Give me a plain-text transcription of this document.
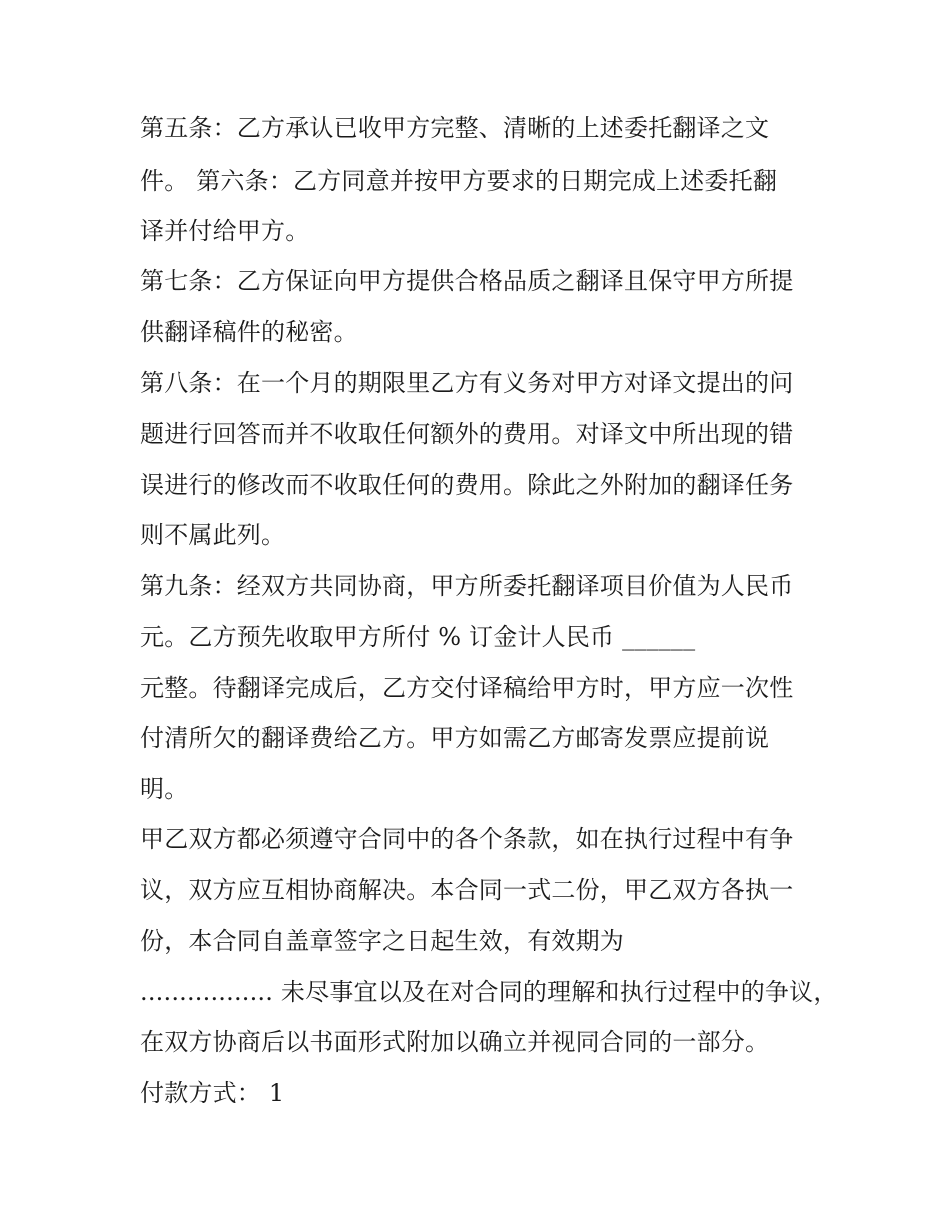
第五条：乙方承认已收甲方完整、清晰的上述委托翻译之文
件。 第六条：乙方同意并按甲方要求的日期完成上述委托翻
译并付给甲方。
第七条：乙方保证向甲方提供合格品质之翻译且保守甲方所提
供翻译稿件的秘密。
第八条：在一个月的期限里乙方有义务对甲方对译文提出的问
题进行回答而并不收取任何额外的费用。对译文中所出现的错
误进行的修改而不收取任何的费用。除此之外附加的翻译任务
则不属此列。
第九条：经双方共同协商，甲方所委托翻译项目价值为人民币
元。乙方预先收取甲方所付 % 订金计人民币 ______
元整。待翻译完成后，乙方交付译稿给甲方时，甲方应一次性
付清所欠的翻译费给乙方。甲方如需乙方邮寄发票应提前说
明。
甲乙双方都必须遵守合同中的各个条款，如在执行过程中有争
议，双方应互相协商解决。本合同一式二份，甲乙双方各执一
份，本合同自盖章签字之日起生效，有效期为
................. 未尽事宜以及在对合同的理解和执行过程中的争议，
在双方协商后以书面形式附加以确立并视同合同的一部分。
付款方式： 1
